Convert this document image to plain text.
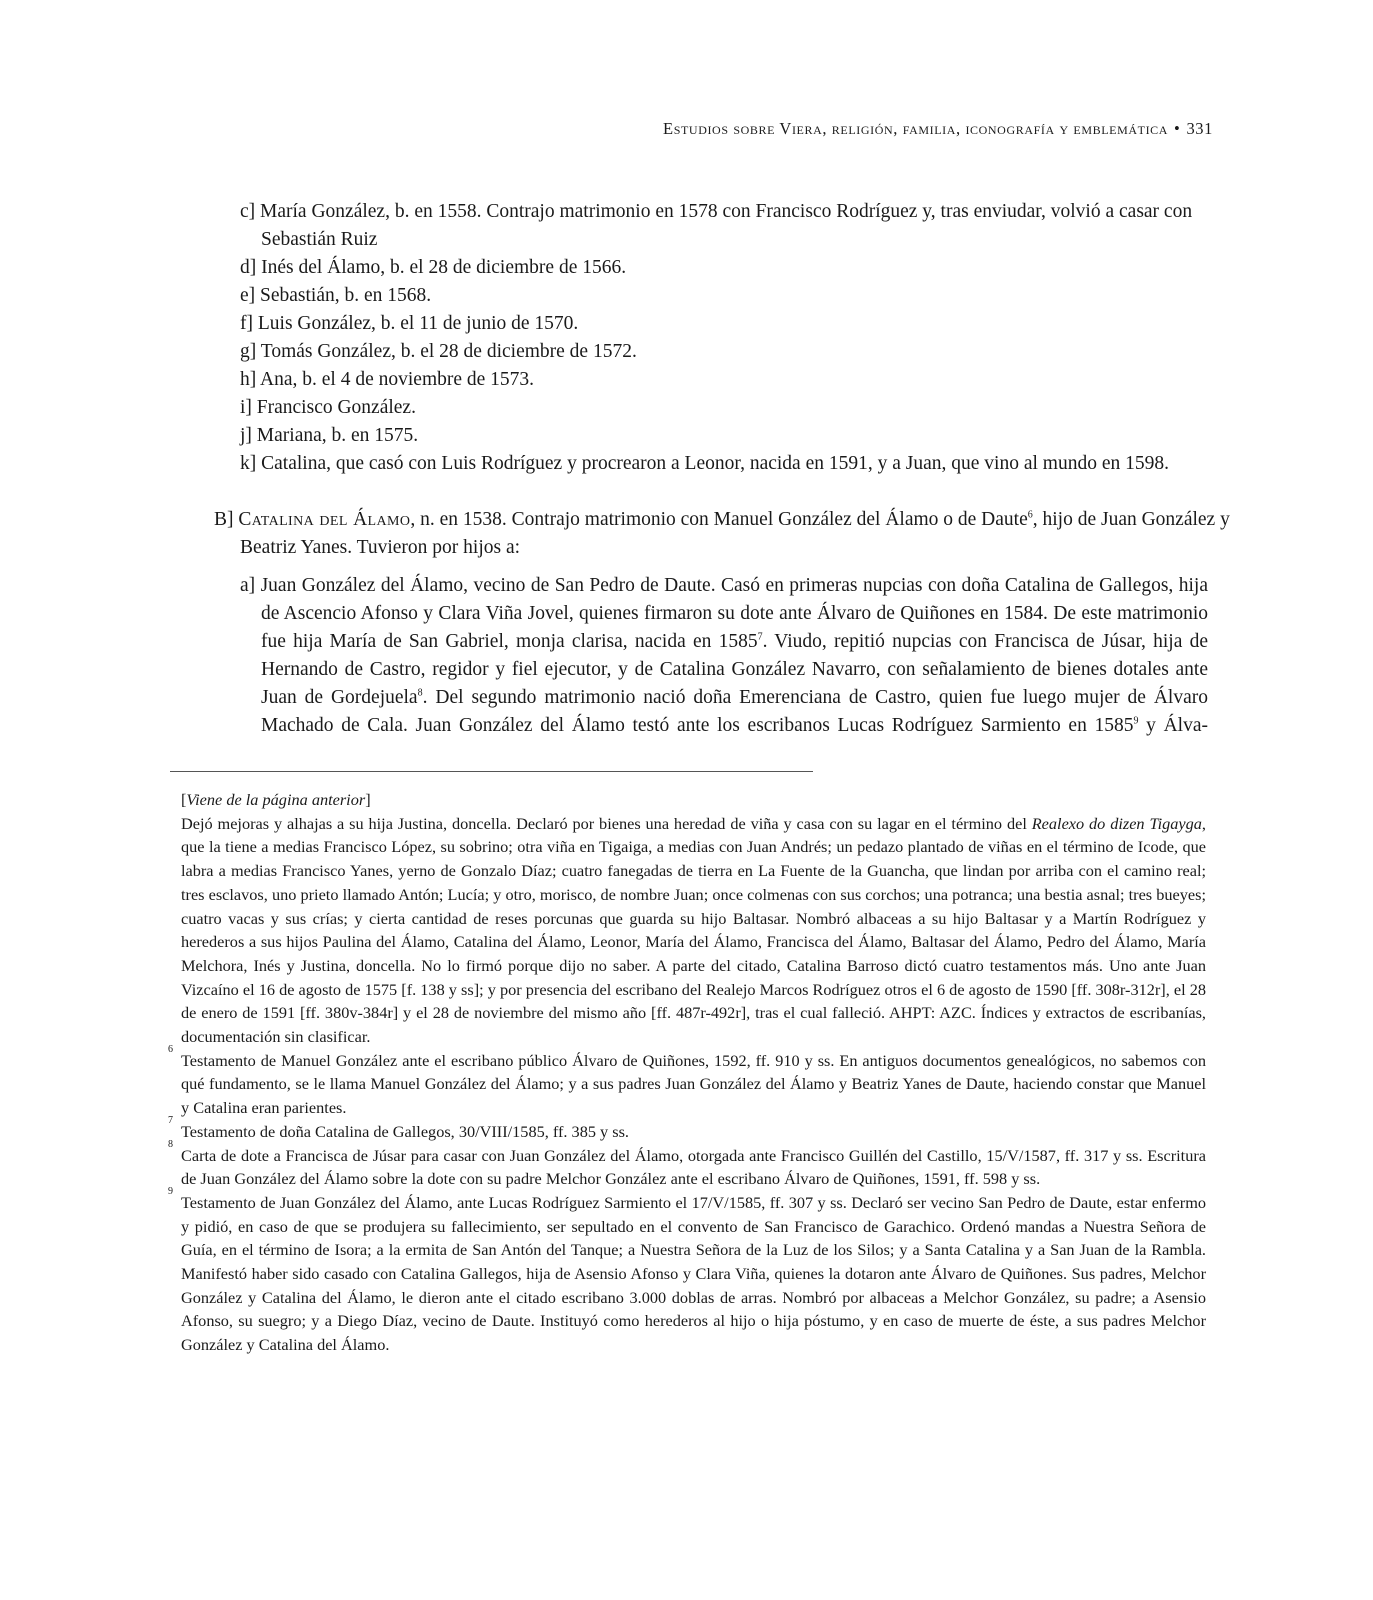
Estudios sobre Viera, religión, familia, iconografía y emblemática • 331

c] María González, b. en 1558. Contrajo matrimonio en 1578 con Francisco Rodríguez y, tras enviudar, volvió a casar con
Sebastián Ruiz

d] Inés del Álamo, b. el 28 de diciembre de 1566.

e] Sebastián, b. en 1568.

f] Luis González, b. el 11 de junio de 1570.

g] Tomás González, b. el 28 de diciembre de 1572.

h] Ana, b. el 4 de noviembre de 1573.

i] Francisco González.

j] Mariana, b. en 1575.

k] Catalina, que casó con Luis Rodríguez y procrearon a Leonor, nacida en 1591, y a Juan, que vino al mundo en 1598.

B] Catalina del Álamo, n. en 1538. Contrajo matrimonio con Manuel González del Álamo o de Daute$^6$, hijo de Juan González y Beatriz Yanes. Tuvieron por hijos a:

a] Juan González del Álamo, vecino de San Pedro de Daute. Casó en primeras nupcias con doña Catalina de Gallegos, hija de Ascencio Afonso y Clara Viña Jovel, quienes firmaron su dote ante Álvaro de Quiñones en 1584. De este matrimonio fue hija María de San Gabriel, monja clarisa, nacida en 1585$^7$. Viudo, repitió nupcias con Francisca de Júsar, hija de Hernando de Castro, regidor y fiel ejecutor, y de Catalina González Navarro, con señalamiento de bienes dotales ante Juan de Gordejuela$^8$. Del segundo matrimonio nació doña Emerenciana de Castro, quien fue luego mujer de Álvaro Machado de Cala. Juan González del Álamo testó ante los escribanos Lucas Rodríguez Sarmiento en 1585$^9$ y Álva-

[Viene de la página anterior]

Dejó mejoras y alhajas a su hija Justina, doncella. Declaró por bienes una heredad de viña y casa con su lagar en el término del Realexo do dizen Tigayga, que la tiene a medias Francisco López, su sobrino; otra viña en Tigaiga, a medias con Juan Andrés; un pedazo plantado de viñas en el término de Icode, que labra a medias Francisco Yanes, yerno de Gonzalo Díaz; cuatro fanegadas de tierra en La Fuente de la Guancha, que lindan por arriba con el camino real; tres esclavos, uno prieto llamado Antón; Lucía; y otro, morisco, de nombre Juan; once colmenas con sus corchos; una potranca; una bestia asnal; tres bueyes; cuatro vacas y sus crías; y cierta cantidad de reses porcunas que guarda su hijo Baltasar. Nombró albaceas a su hijo Baltasar y a Martín Rodríguez y herederos a sus hijos Paulina del Álamo, Catalina del Álamo, Leonor, María del Álamo, Francisca del Álamo, Baltasar del Álamo, Pedro del Álamo, María Melchora, Inés y Justina, doncella. No lo firmó porque dijo no saber. A parte del citado, Catalina Barroso dictó cuatro testamentos más. Uno ante Juan Vizcaíno el 16 de agosto de 1575 [f. 138 y ss]; y por presencia del escribano del Realejo Marcos Rodríguez otros el 6 de agosto de 1590 [ff. 308r-312r], el 28 de enero de 1591 [ff. 380v-384r] y el 28 de noviembre del mismo año [ff. 487r-492r], tras el cual falleció. AHPT: AZC. Índices y extractos de escribanías, documentación sin clasificar.

6
Testamento de Manuel González ante el escribano público Álvaro de Quiñones, 1592, ff. 910 y ss. En antiguos documentos genealógicos, no sabemos con qué fundamento, se le llama Manuel González del Álamo; y a sus padres Juan González del Álamo y Beatriz Yanes de Daute, haciendo constar que Manuel y Catalina eran parientes.

7
Testamento de doña Catalina de Gallegos, 30/VIII/1585, ff. 385 y ss.

8
Carta de dote a Francisca de Júsar para casar con Juan González del Álamo, otorgada ante Francisco Guillén del Castillo, 15/V/1587, ff. 317 y ss. Escritura de Juan González del Álamo sobre la dote con su padre Melchor González ante el escribano Álvaro de Quiñones, 1591, ff. 598 y ss.

9
Testamento de Juan González del Álamo, ante Lucas Rodríguez Sarmiento el 17/V/1585, ff. 307 y ss. Declaró ser vecino San Pedro de Daute, estar enfermo y pidió, en caso de que se produjera su fallecimiento, ser sepultado en el convento de San Francisco de Garachico. Ordenó mandas a Nuestra Señora de Guía, en el término de Isora; a la ermita de San Antón del Tanque; a Nuestra Señora de la Luz de los Silos; y a Santa Catalina y a San Juan de la Rambla. Manifestó haber sido casado con Catalina Gallegos, hija de Asensio Afonso y Clara Viña, quienes la dotaron ante Álvaro de Quiñones. Sus padres, Melchor González y Catalina del Álamo, le dieron ante el citado escribano 3.000 doblas de arras. Nombró por albaceas a Melchor González, su padre; a Asensio Afonso, su suegro; y a Diego Díaz, vecino de Daute. Instituyó como herederos al hijo o hija póstumo, y en caso de muerte de éste, a sus padres Melchor González y Catalina del Álamo.
